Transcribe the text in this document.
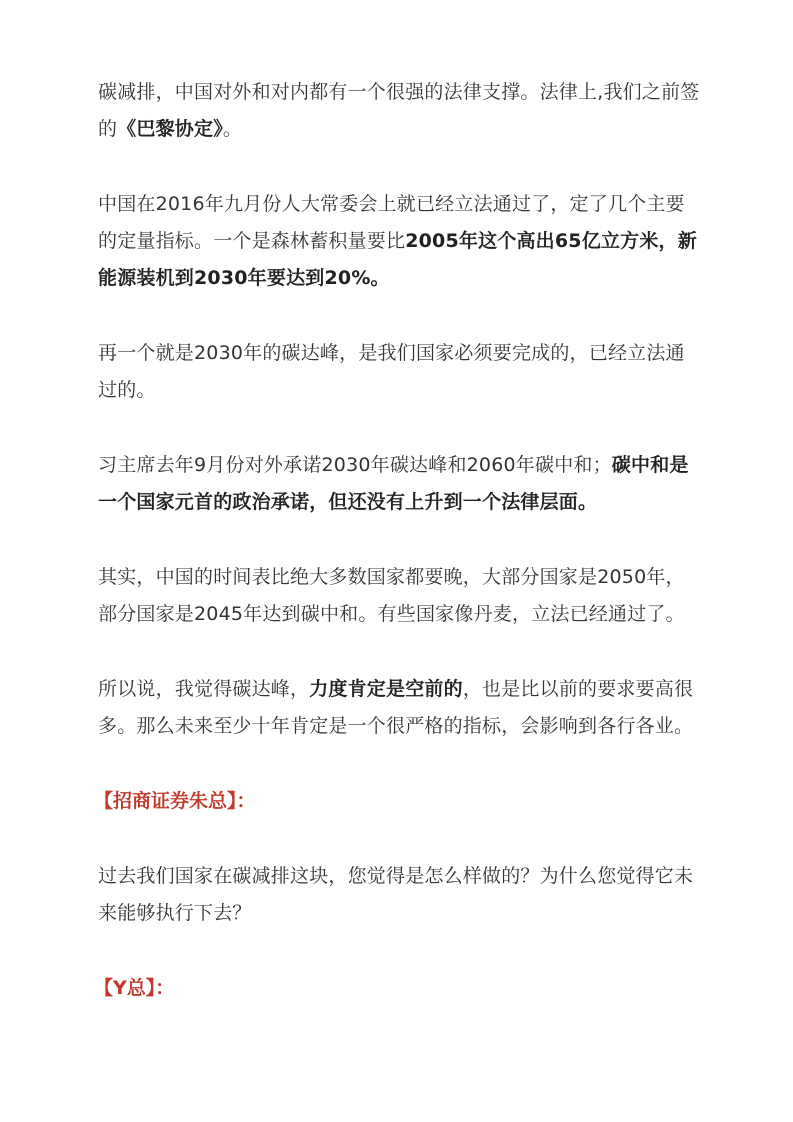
碳减排，中国对外和对内都有一个很强的法律支撑。法律上,我们之前签的《巴黎协定》。

中国在2016年九月份人大常委会上就已经立法通过了，定了几个主要的定量指标。一个是森林蓄积量要比2005年这个高出65亿立方米，新能源装机到2030年要达到20%。

再一个就是2030年的碳达峰，是我们国家必须要完成的，已经立法通过的。

习主席去年9月份对外承诺2030年碳达峰和2060年碳中和；碳中和是一个国家元首的政治承诺，但还没有上升到一个法律层面。

其实，中国的时间表比绝大多数国家都要晚，大部分国家是2050年，部分国家是2045年达到碳中和。有些国家像丹麦，立法已经通过了。

所以说，我觉得碳达峰，力度肯定是空前的，也是比以前的要求要高很多。那么未来至少十年肯定是一个很严格的指标，会影响到各行各业。

【招商证券朱总】：

过去我们国家在碳减排这块，您觉得是怎么样做的？为什么您觉得它未来能够执行下去？

【Y总】：
